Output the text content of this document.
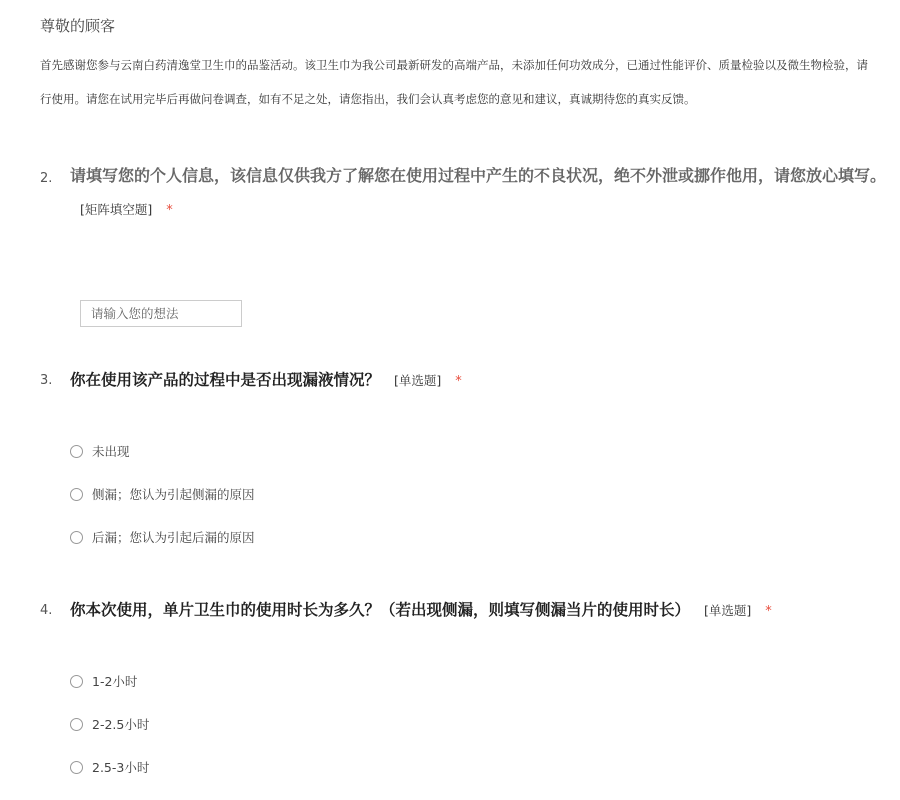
尊敬的顾客
首先感谢您参与云南白药清逸堂卫生巾的品鉴活动。该卫生巾为我公司最新研发的高端产品，未添加任何功效成分，已通过性能评价、质量检验以及微生物检验，请
行使用。请您在试用完毕后再做问卷调查，如有不足之处，请您指出，我们会认真考虑您的意见和建议，真诚期待您的真实反馈。
2. 请填写您的个人信息，该信息仅供我方了解您在使用过程中产生的不良状况，绝不外泄或挪作他用，请您放心填写。
[矩阵填空题] *
请输入您的想法
3. 你在使用该产品的过程中是否出现漏液情况？ [单选题] *
未出现
侧漏；您认为引起侧漏的原因
后漏；您认为引起后漏的原因
4. 你本次使用，单片卫生巾的使用时长为多久？（若出现侧漏，则填写侧漏当片的使用时长） [单选题] *
1-2小时
2-2.5小时
2.5-3小时
